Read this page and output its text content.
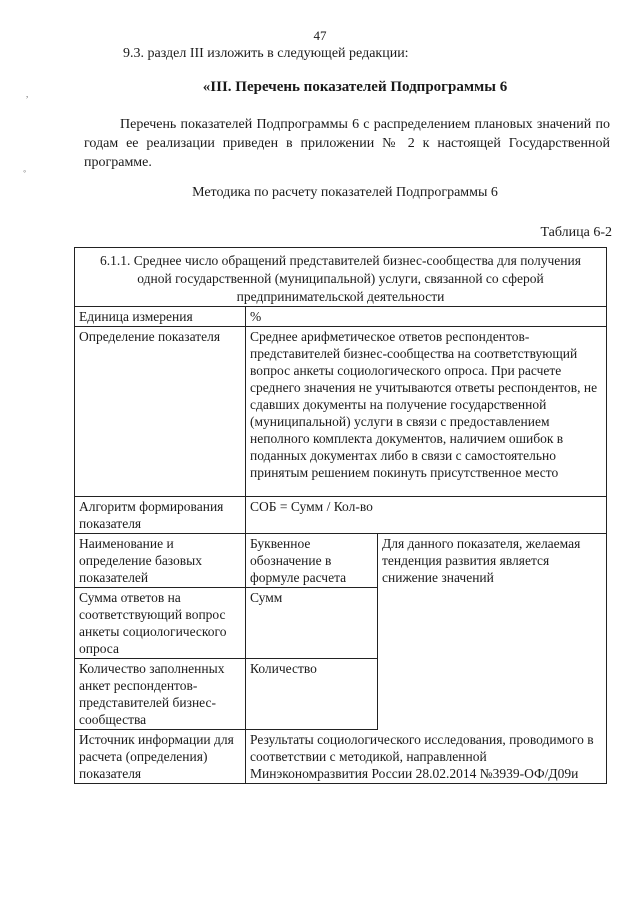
47
,
◦
9.3. раздел III изложить в следующей редакции:
«III. Перечень показателей Подпрограммы 6
Перечень показателей Подпрограммы 6 с распределением плановых значений по годам ее реализации приведен в приложении № 2 к настоящей Государственной программе.
Методика по расчету показателей Подпрограммы 6
Таблица 6-2
6.1.1. Среднее число обращений представителей бизнес-сообщества для получения одной государственной (муниципальной) услуги, связанной со сферой предпринимательской деятельности		
Единица измерения	%	
Определение показателя	Среднее арифметическое ответов респондентов-представителей бизнес-сообщества на соответствующий вопрос анкеты социологического опроса. При расчете среднего значения не учитываются ответы респондентов, не сдавших документы на получение государственной (муниципальной) услуги в связи с предоставлением неполного комплекта документов, наличием ошибок в поданных документах либо в связи с самостоятельно принятым решением покинуть присутственное место	
Алгоритм формирования показателя	СОБ = Сумм / Кол-во	
Наименование и определение базовых показателей	Буквенное обозначение в формуле расчета	Для данного показателя, желаемая тенденция развития является снижение значений
Сумма ответов на соответствующий вопрос анкеты социологического опроса	Сумм	
Количество заполненных анкет респондентов-представителей бизнес-сообщества	Количество	
Источник информации для расчета (определения) показателя	Результаты социологического исследования, проводимого в соответствии с методикой, направленной Минэкономразвития России 28.02.2014 №3939-ОФ/Д09и	
